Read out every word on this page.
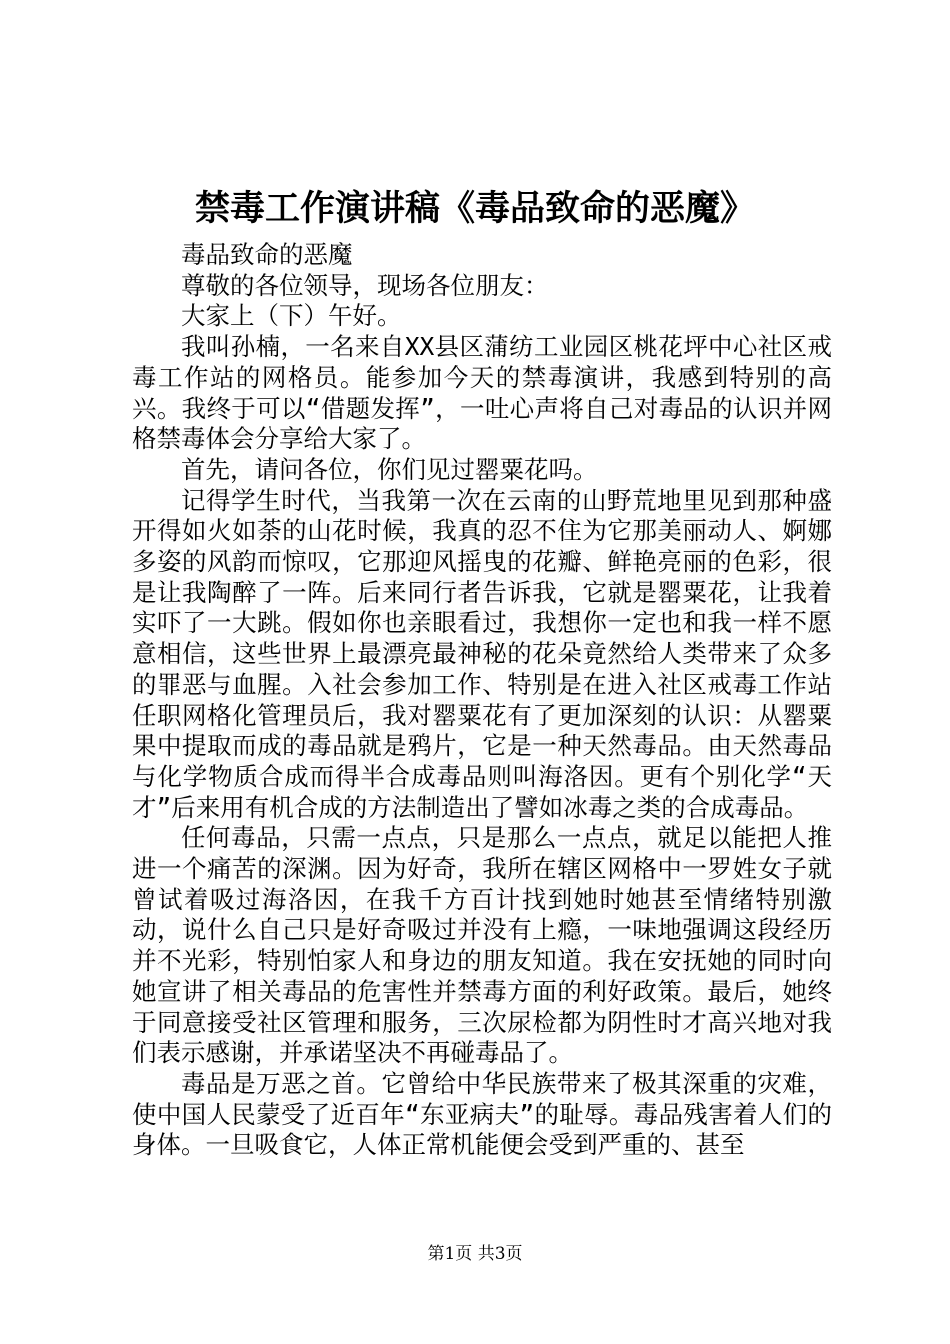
禁毒工作演讲稿《毒品致命的恶魔》

毒品致命的恶魔

尊敬的各位领导，现场各位朋友：

大家上（下）午好。

我叫孙楠，一名来自XX县区蒲纺工业园区桃花坪中心社区戒毒工作站的网格员。能参加今天的禁毒演讲，我感到特别的高兴。我终于可以“借题发挥”，一吐心声将自己对毒品的认识并网格禁毒体会分享给大家了。

首先，请问各位，你们见过罂粟花吗。

记得学生时代，当我第一次在云南的山野荒地里见到那种盛开得如火如荼的山花时候，我真的忍不住为它那美丽动人、婀娜多姿的风韵而惊叹，它那迎风摇曳的花瓣、鲜艳亮丽的色彩，很是让我陶醉了一阵。后来同行者告诉我，它就是罂粟花，让我着实吓了一大跳。假如你也亲眼看过，我想你一定也和我一样不愿意相信，这些世界上最漂亮最神秘的花朵竟然给人类带来了众多的罪恶与血腥。入社会参加工作、特别是在进入社区戒毒工作站任职网格化管理员后，我对罂粟花有了更加深刻的认识：从罂粟果中提取而成的毒品就是鸦片，它是一种天然毒品。由天然毒品与化学物质合成而得半合成毒品则叫海洛因。更有个别化学“天才”后来用有机合成的方法制造出了譬如冰毒之类的合成毒品。

任何毒品，只需一点点，只是那么一点点，就足以能把人推进一个痛苦的深渊。因为好奇，我所在辖区网格中一罗姓女子就曾试着吸过海洛因，在我千方百计找到她时她甚至情绪特别激动，说什么自己只是好奇吸过并没有上瘾，一味地强调这段经历并不光彩，特别怕家人和身边的朋友知道。我在安抚她的同时向她宣讲了相关毒品的危害性并禁毒方面的利好政策。最后，她终于同意接受社区管理和服务，三次尿检都为阴性时才高兴地对我们表示感谢，并承诺坚决不再碰毒品了。

毒品是万恶之首。它曾给中华民族带来了极其深重的灾难，使中国人民蒙受了近百年“东亚病夫”的耻辱。毒品残害着人们的身体。一旦吸食它，人体正常机能便会受到严重的、甚至

第1页 共3页
